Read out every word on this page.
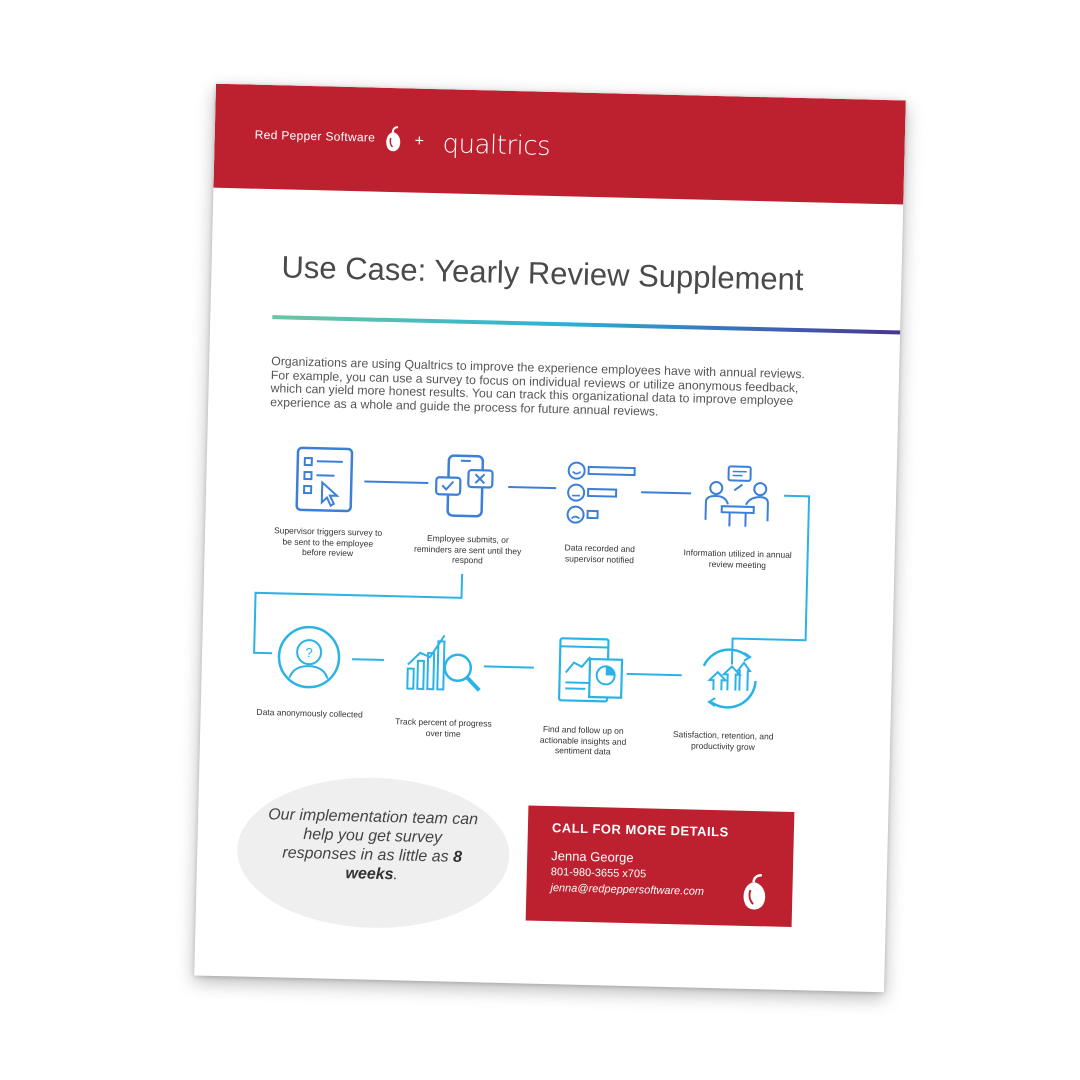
Red Pepper Software + qualtrics
Use Case: Yearly Review Supplement
Organizations are using Qualtrics to improve the experience employees have with annual reviews. For example, you can use a survey to focus on individual reviews or utilize anonymous feedback, which can yield more honest results. You can track this organizational data to improve employee experience as a whole and guide the process for future annual reviews.
Supervisor triggers survey to be sent to the employee before review
Employee submits, or reminders are sent until they respond
Data recorded and supervisor notified	Information utilized in annual review meeting
?
Data anonymously collected
Track percent of progress over time	Find and follow up on actionable insights and sentiment data
Satisfaction, retention, and productivity grow
Our implementation team can help you get survey responses in as little as 8 weeks.
CALL FOR MORE DETAILS
Jenna George
801-980-3655 x705
jenna@redpeppersoftware.com
